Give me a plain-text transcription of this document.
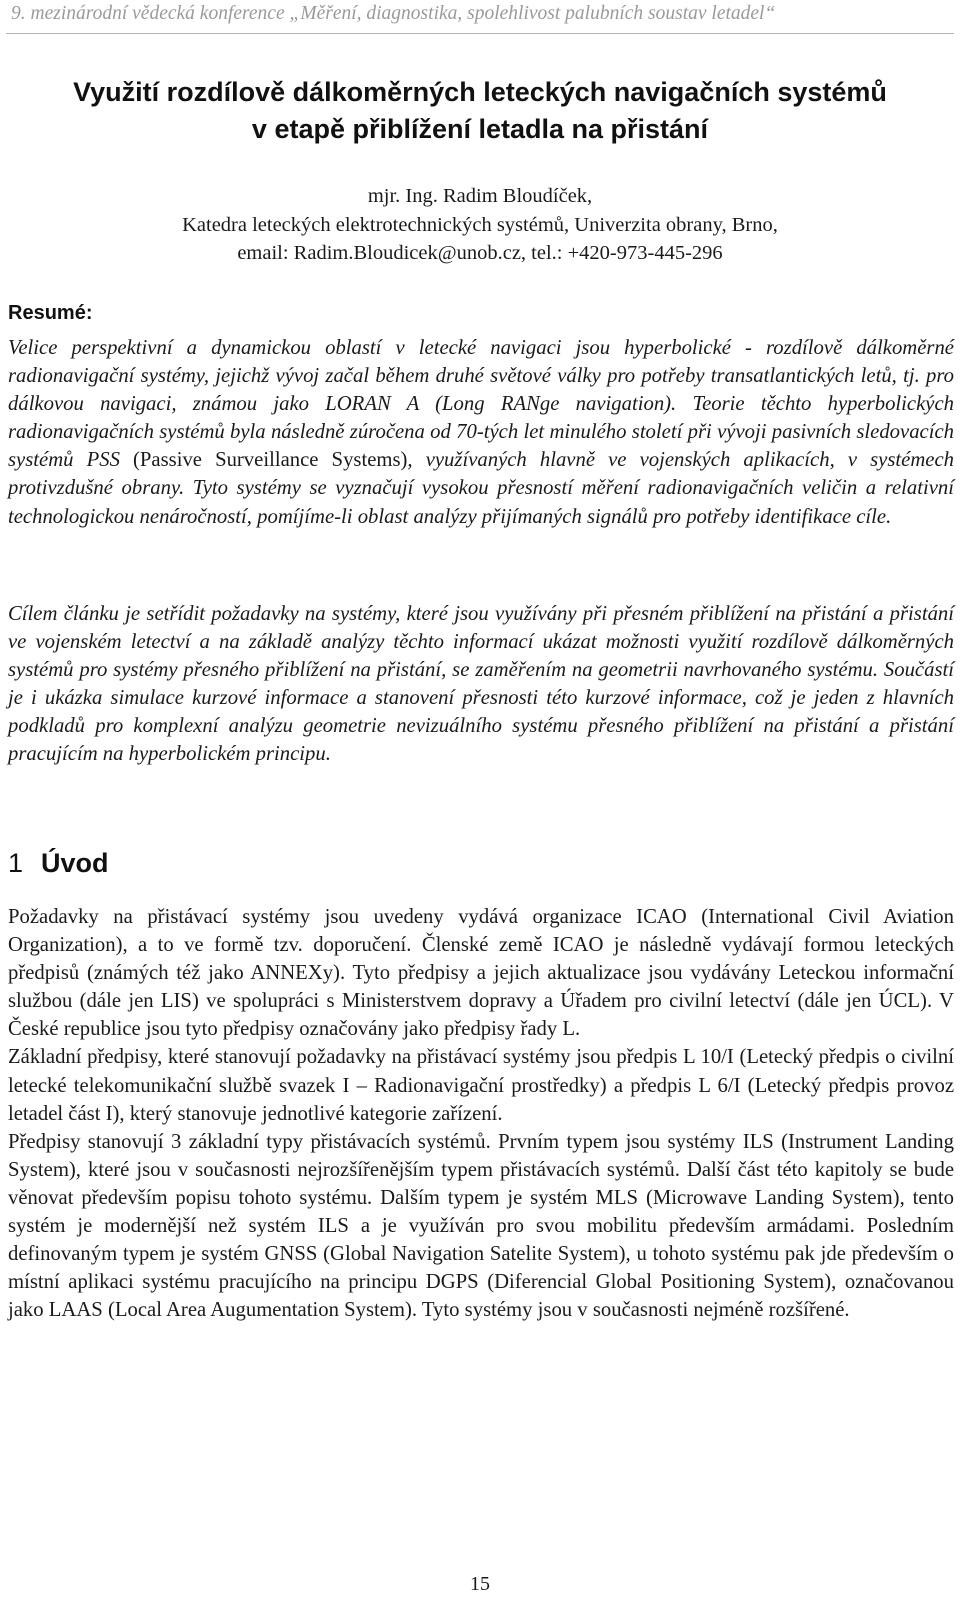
9. mezinárodní vědecká konference „Měření, diagnostika, spolehlivost palubních soustav letadel“
Využití rozdílově dálkoměrných leteckých navigačních systémů
v etapě přiblížení letadla na přistání
mjr. Ing. Radim Bloudíček,
Katedra leteckých elektrotechnických systémů, Univerzita obrany, Brno,
email: Radim.Bloudicek@unob.cz, tel.: +420-973-445-296
Resumé:

Velice perspektivní a dynamickou oblastí v letecké navigaci jsou hyperbolické - rozdílově dálkoměrné radionavigační systémy, jejichž vývoj začal během druhé světové války pro potřeby transatlantických letů, tj. pro dálkovou navigaci, známou jako LORAN A (Long RANge navigation). Teorie těchto hyperbolických radionavigačních systémů byla následně zúročena od 70-tých let minulého století při vývoji pasivních sledovacích systémů PSS (Passive Surveillance Systems), využívaných hlavně ve vojenských aplikacích, v systémech protivzdušné obrany. Tyto systémy se vyznačují vysokou přesností měření radionavigačních veličin a relativní technologickou nenáročností, pomíjíme-li oblast analýzy přijímaných signálů pro potřeby identifikace cíle.

Cílem článku je setřídit požadavky na systémy, které jsou využívány při přesném přiblížení na přistání a přistání ve vojenském letectví a na základě analýzy těchto informací ukázat možnosti využití rozdílově dálkoměrných systémů pro systémy přesného přiblížení na přistání, se zaměřením na geometrii navrhovaného systému. Součástí je i ukázka simulace kurzové informace a stanovení přesnosti této kurzové informace, což je jeden z hlavních podkladů pro komplexní analýzu geometrie nevizuálního systému přesného přiblížení na přistání a přistání pracujícím na hyperbolickém principu.

1 Úvod

Požadavky na přistávací systémy jsou uvedeny vydává organizace ICAO (International Civil Aviation Organization), a to ve formě tzv. doporučení. Členské země ICAO je následně vydávají formou leteckých předpisů (známých též jako ANNEXy). Tyto předpisy a jejich aktualizace jsou vydávány Leteckou informační službou (dále jen LIS) ve spolupráci s Ministerstvem dopravy a Úřadem pro civilní letectví (dále jen ÚCL). V České republice jsou tyto předpisy označovány jako předpisy řady L.

Základní předpisy, které stanovují požadavky na přistávací systémy jsou předpis L 10/I (Letecký předpis o civilní letecké telekomunikační službě svazek I – Radionavigační prostředky) a předpis L 6/I (Letecký předpis provoz letadel část I), který stanovuje jednotlivé kategorie zařízení.

Předpisy stanovují 3 základní typy přistávacích systémů. Prvním typem jsou systémy ILS (Instrument Landing System), které jsou v současnosti nejrozšířenějším typem přistávacích systémů. Další část této kapitoly se bude věnovat především popisu tohoto systému. Dalším typem je systém MLS (Microwave Landing System), tento systém je modernější než systém ILS a je využíván pro svou mobilitu především armádami. Posledním definovaným typem je systém GNSS (Global Navigation Satelite System), u tohoto systému pak jde především o místní aplikaci systému pracujícího na principu DGPS (Diferencial Global Positioning System), označovanou jako LAAS (Local Area Augumentation System). Tyto systémy jsou v současnosti nejméně rozšířené.

15
